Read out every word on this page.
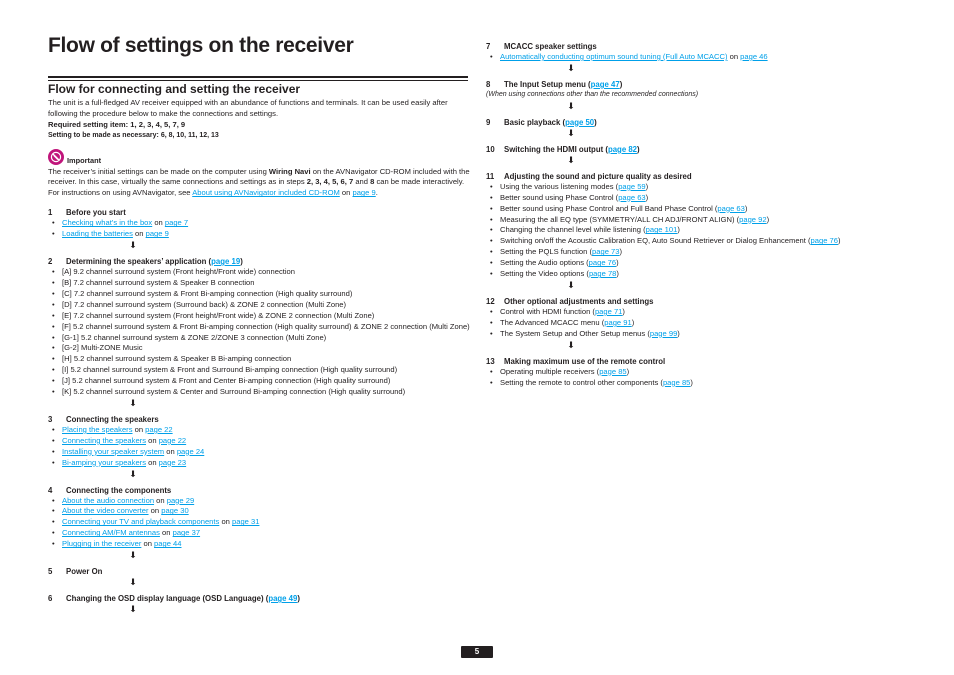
Flow of settings on the receiver
Flow for connecting and setting the receiver

The unit is a full-fledged AV receiver equipped with an abundance of functions and terminals. It can be used easily after following the procedure below to make the connections and settings.

Required setting item: 1, 2, 3, 4, 5, 7, 9

Setting to be made as necessary: 6, 8, 10, 11, 12, 13

Important

The receiver’s initial settings can be made on the computer using Wiring Navi on the AVNavigator CD-ROM included with the receiver. In this case, virtually the same connections and settings as in steps 2, 3, 4, 5, 6, 7 and 8 can be made interactively. For instructions on using AVNavigator, see About using AVNavigator included CD-ROM on page 9.

1	Before you start
• Checking what’s in the box on page 7
• Loading the batteries on page 9
⬇
2	Determining the speakers’ application ( page 19 )
• [A] 9.2 channel surround system (Front height/Front wide) connection
• [B] 7.2 channel surround system & Speaker B connection
• [C] 7.2 channel surround system & Front Bi-amping connection (High quality surround)
• [D] 7.2 channel surround system (Surround back) & ZONE 2 connection (Multi Zone)
• [E] 7.2 channel surround system (Front height/Front wide) & ZONE 2 connection (Multi Zone)
• [F] 5.2 channel surround system & Front Bi-amping connection (High quality surround) & ZONE 2 connection (Multi Zone)
• [G-1] 5.2 channel surround system & ZONE 2/ZONE 3 connection (Multi Zone)
• [G-2] Multi-ZONE Music
• [H] 5.2 channel surround system & Speaker B Bi-amping connection
• [I] 5.2 channel surround system & Front and Surround Bi-amping connection (High quality surround)
• [J] 5.2 channel surround system & Front and Center Bi-amping connection (High quality surround)
• [K] 5.2 channel surround system & Center and Surround Bi-amping connection (High quality surround)
⬇
3	Connecting the speakers
• Placing the speakers on page 22
• Connecting the speakers on page 22
• Installing your speaker system on page 24
• Bi-amping your speakers on page 23
⬇
4	Connecting the components
• About the audio connection on page 29
• About the video converter on page 30
• Connecting your TV and playback components on page 31
• Connecting AM/FM antennas on page 37
• Plugging in the receiver on page 44
⬇
5	Power On
⬇
6	Changing the OSD display language (OSD Language) ( page 49 )
⬇
7	MCACC speaker settings
• Automatically conducting optimum sound tuning (Full Auto MCACC) on page 46
⬇
8	The Input Setup menu ( page 47 )
(When using connections other than the recommended connections)
⬇
9	Basic playback ( page 50 )
⬇
10	Switching the HDMI output ( page 82 )
⬇
11	Adjusting the sound and picture quality as desired
• Using the various listening modes (page 59)
• Better sound using Phase Control (page 63)
• Better sound using Phase Control and Full Band Phase Control (page 63)
• Measuring the all EQ type (SYMMETRY/ALL CH ADJ/FRONT ALIGN) (page 92)
• Changing the channel level while listening (page 101)
• Switching on/off the Acoustic Calibration EQ, Auto Sound Retriever or Dialog Enhancement (page 76)
• Setting the PQLS function (page 73)
• Setting the Audio options (page 76)
• Setting the Video options (page 78)
⬇
12	Other optional adjustments and settings
• Control with HDMI function (page 71)
• The Advanced MCACC menu (page 91)
• The System Setup and Other Setup menus (page 99)
⬇
13	Making maximum use of the remote control
• Operating multiple receivers (page 85)
• Setting the remote to control other components (page 85)
5
